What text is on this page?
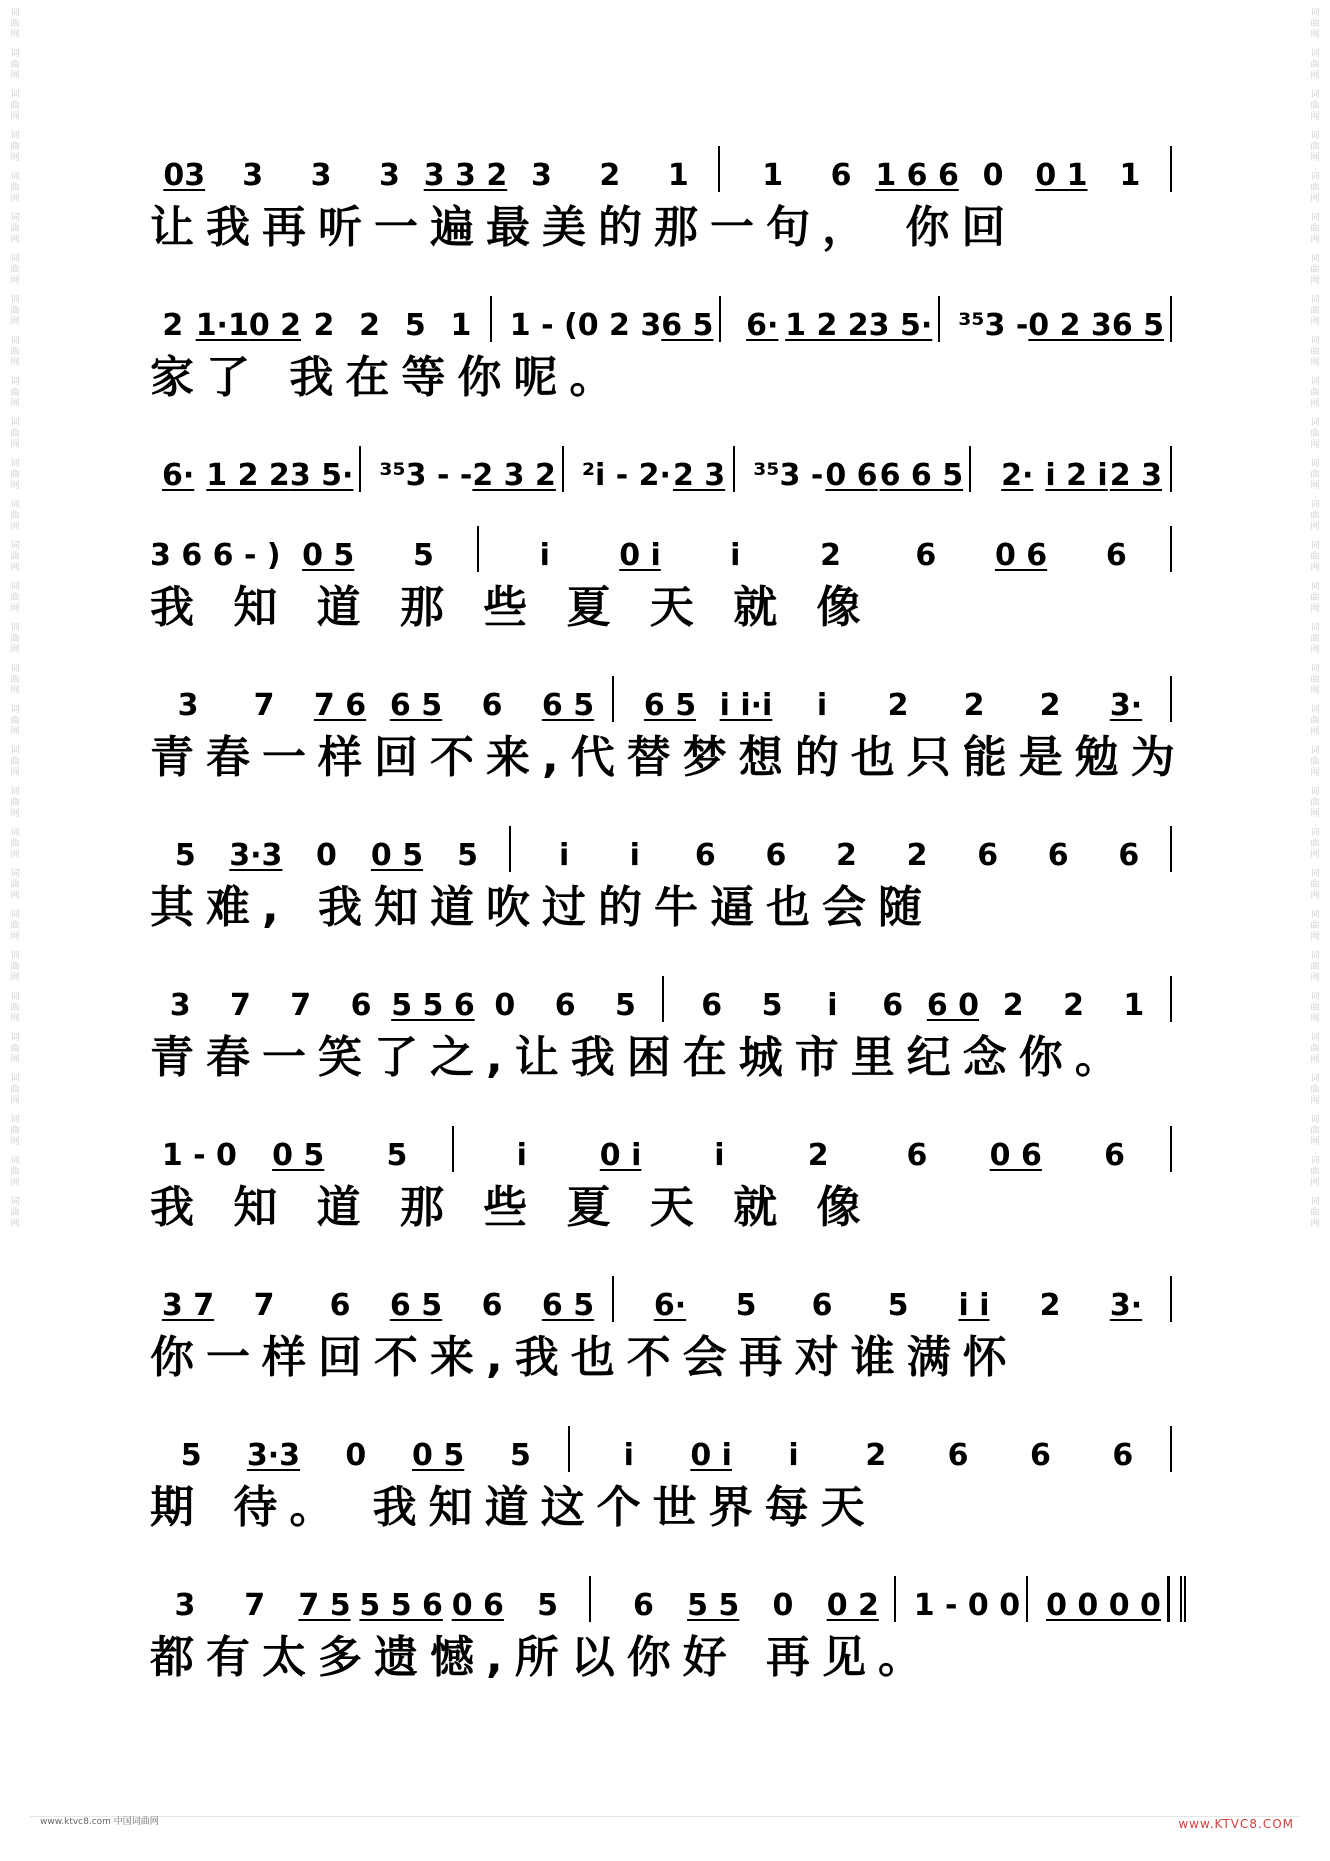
词
曲
网
词
曲
网
词
曲
网
词
曲
网
词
曲
网
词
曲
网
词
曲
网
词
曲
网
词
曲
网
词
曲
网
词
曲
网
词
曲
网
词
曲
网
词
曲
网
词
曲
网
词
曲
网
词
曲
网
词
曲
网
词
曲
网
词
曲
网
词
曲
网
词
曲
网
词
曲
网
词
曲
网
词
曲
网
词
曲
网
词
曲
网
词
曲
网
词
曲
网
词
曲
网
词
曲
网
词
曲
网
词
曲
网
词
曲
网
词
曲
网
词
曲
网
词
曲
网
词
曲
网
词
曲
网
词
曲
网
词
曲
网
词
曲
网
词
曲
网
词
曲
网
词
曲
网
词
曲
网
词
曲
网
词
曲
网
词
曲
网
词
曲
网
词
曲
网
词
曲
网
词
曲
网
词
曲
网
词
曲
网
词
曲
网
词
曲
网
词
曲
网
词
曲
网
词
曲
网
03	3	3	3 3 3 2 3	2	1	1	6 1 6 6 0	0 1	1
让我再听一遍最美的那一句， 你回
2 1·1 0 2 2 2 5 1	1 - (0 2 3 6 5 6· 1 2 2 3 5· ³⁵3 - 0 2 3 6 5
家了 我在等你呢。
6· 1 2 2 3 5· ³⁵3 - - 2 3 2 ²i - 2· 2 3 ³⁵3 - 0 6 6 6 5	2· i 2 i 2 3
3 6 6 - ) 0 5	5	i	0 i	i	2	6	0 6	6
我 知 道 那 些 夏 天 就 像
3	7	7 6 6 5	6	6 5	6 5 i i·i	i	2	2	2	3·
青春一样回不来,代替梦想的也只能是勉为
5	3·3	0	0 5	5	i	i	6	6	2	2	6	6	6
其难, 我知道吹过的牛逼也会随
3	7	7	6 5 5 6 0	6	5	6	5	i	6 6 0 2	2	1
青春一笑了之,让我困在城市里纪念你。
1 - 0	0 5	5	i	0 i	i	2	6	0 6	6
我 知 道 那 些 夏 天 就 像
3 7	7	6	6 5	6	6 5	6·	5	6	5	i i	2	3·
你一样回不来,我也不会再对谁满怀
5	3·3	0	0 5	5	i	0 i	i	2	6	6	6
期 待。 我知道这个世界每天
3	7	7 5 5 5 6 0 6	5	6	5 5	0	0 2 1 - 0 0 0 0 0 0
都有太多遗憾,所以你好 再见。
www.ktvc8.com 中国词曲网	www.KTVC8.COM
